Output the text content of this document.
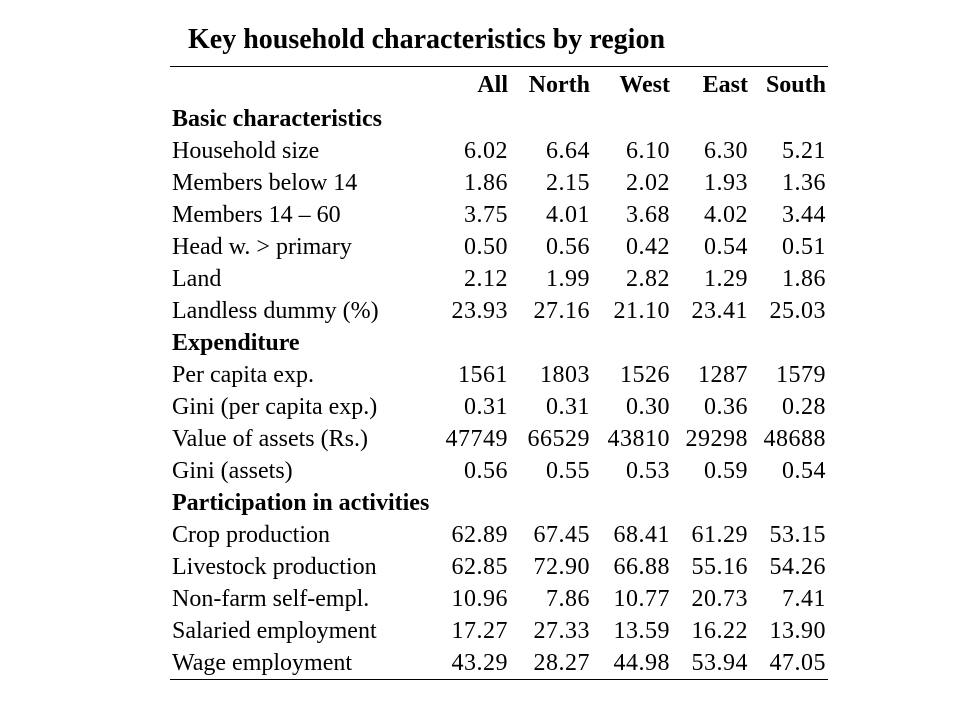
Key household characteristics by region
	All	North	West	East	South
Basic characteristics					
Household size	6.02	6.64	6.10	6.30	5.21
Members below 14	1.86	2.15	2.02	1.93	1.36
Members 14 – 60	3.75	4.01	3.68	4.02	3.44
Head w. > primary	0.50	0.56	0.42	0.54	0.51
Land	2.12	1.99	2.82	1.29	1.86
Landless dummy (%)	23.93	27.16	21.10	23.41	25.03
Expenditure					
Per capita exp.	1561	1803	1526	1287	1579
Gini (per capita exp.)	0.31	0.31	0.30	0.36	0.28
Value of assets (Rs.)	47749	66529	43810	29298	48688
Gini (assets)	0.56	0.55	0.53	0.59	0.54
Participation in activities					
Crop production	62.89	67.45	68.41	61.29	53.15
Livestock production	62.85	72.90	66.88	55.16	54.26
Non-farm self-empl.	10.96	7.86	10.77	20.73	7.41
Salaried employment	17.27	27.33	13.59	16.22	13.90
Wage employment	43.29	28.27	44.98	53.94	47.05
